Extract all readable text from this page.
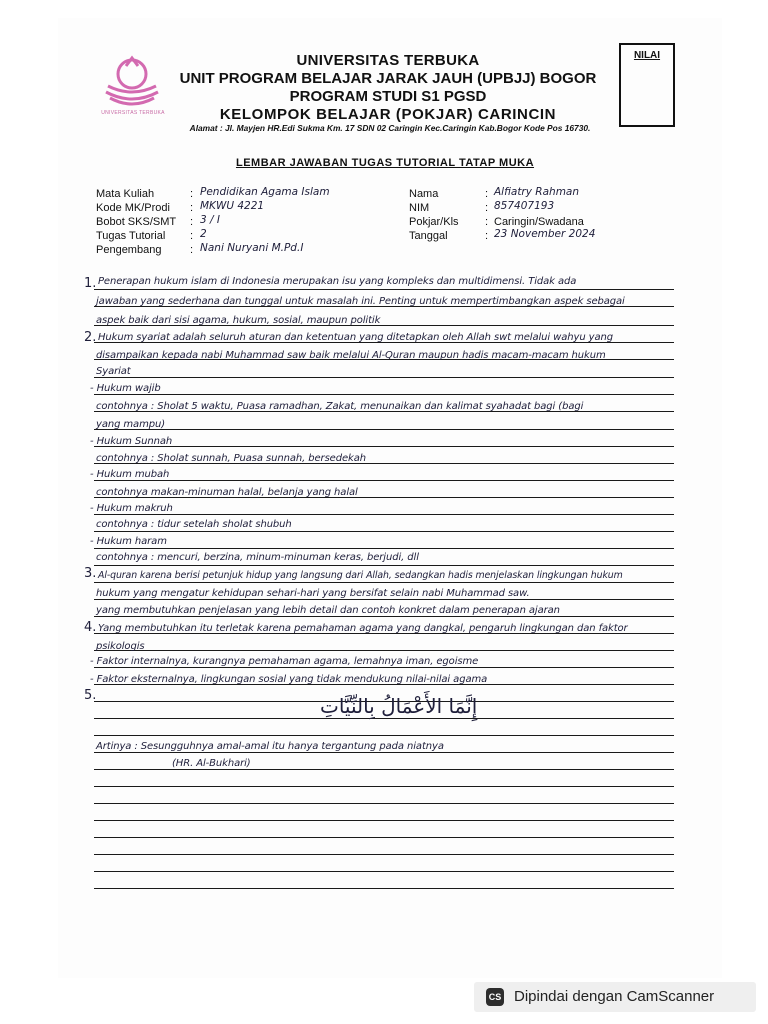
UNIVERSITAS TERBUKA
UNIVERSITAS TERBUKA
UNIT PROGRAM BELAJAR JARAK JAUH (UPBJJ) BOGOR
PROGRAM STUDI S1 PGSD
KELOMPOK BELAJAR (POKJAR) CARINCIN
Alamat : Jl. Mayjen HR.Edi Sukma Km. 17 SDN 02 Caringin Kec.Caringin Kab.Bogor Kode Pos 16730.
NILAI
LEMBAR JAWABAN TUGAS TUTORIAL TATAP MUKA
Mata Kuliah	: Pendidikan Agama Islam
Kode MK/Prodi : MKWU 4221
Bobot SKS/SMT : 3 / I
Tugas Tutorial : 2
Pengembang	: Nani Nuryani M.Pd.I
Nama	: Alfiatry Rahman
NIM	: 857407193
Pokjar/Kls : Caringin/Swadana
Tanggal	: 23 November 2024
1. Penerapan hukum islam di Indonesia merupakan isu yang kompleks dan multidimensi. Tidak ada
jawaban yang sederhana dan tunggal untuk masalah ini. Penting untuk mempertimbangkan aspek sebagai
aspek baik dari sisi agama, hukum, sosial, maupun politik
2. Hukum syariat adalah seluruh aturan dan ketentuan yang ditetapkan oleh Allah swt melalui wahyu yang
disampaikan kepada nabi Muhammad saw baik melalui Al-Quran maupun hadis macam-macam hukum
Syariat
- Hukum wajib
contohnya : Sholat 5 waktu, Puasa ramadhan, Zakat, menunaikan dan kalimat syahadat bagi (bagi
yang mampu)
- Hukum Sunnah
contohnya : Sholat sunnah, Puasa sunnah, bersedekah
- Hukum mubah
contohnya makan-minuman halal, belanja yang halal
- Hukum makruh
contohnya : tidur setelah sholat shubuh
- Hukum haram
contohnya : mencuri, berzina, minum-minuman keras, berjudi, dll
3. Al-quran karena berisi petunjuk hidup yang langsung dari Allah, sedangkan hadis menjelaskan lingkungan hukum
hukum yang mengatur kehidupan sehari-hari yang bersifat selain nabi Muhammad saw.
yang membutuhkan penjelasan yang lebih detail dan contoh konkret dalam penerapan ajaran
4. Yang membutuhkan itu terletak karena pemahaman agama yang dangkal, pengaruh lingkungan dan faktor
psikologis
- Faktor internalnya, kurangnya pemahaman agama, lemahnya iman, egoisme
- Faktor eksternalnya, lingkungan sosial yang tidak mendukung nilai-nilai agama
5.	إِنَّمَا الأَعْمَالُ بِالنِّيَّاتِ
Artinya : Sesungguhnya amal-amal itu hanya tergantung pada niatnya
(HR. Al-Bukhari)
CS Dipindai dengan CamScanner
